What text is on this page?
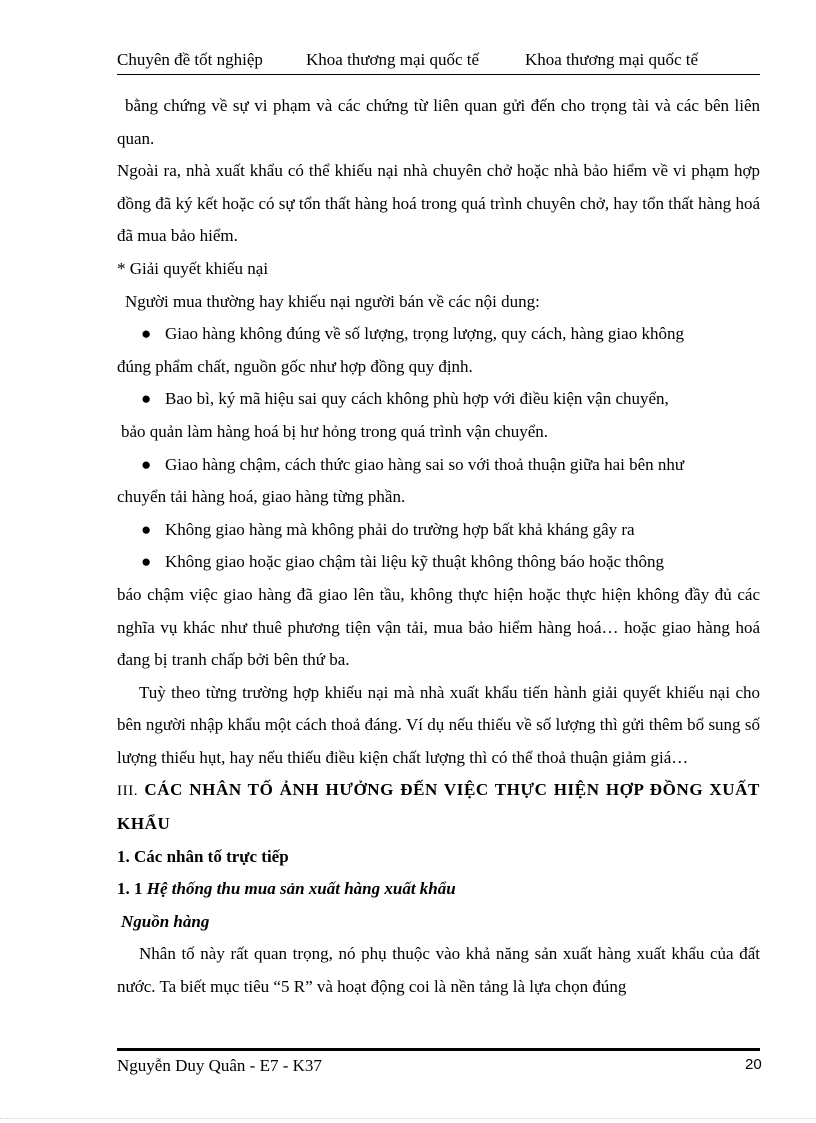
Chuyên đề tốt nghiệp	Khoa thương mại quốc tế	Khoa thương mại quốc tế

bằng chứng về sự vi phạm và các chứng từ liên quan gửi đến cho trọng tài và các bên liên quan.

Ngoài ra, nhà xuất khẩu có thể khiếu nại nhà chuyên chở hoặc nhà bảo hiểm về vi phạm hợp đồng đã ký kết hoặc có sự tổn thất hàng hoá trong quá trình chuyên chở, hay tổn thất hàng hoá đã mua bảo hiểm.

* Giải quyết khiếu nại

Người mua thường hay khiếu nại người bán về các nội dung:

● Giao hàng không đúng về số lượng, trọng lượng, quy cách, hàng giao không
đúng phẩm chất, nguồn gốc như hợp đồng quy định.

● Bao bì, ký mã hiệu sai quy cách không phù hợp với điều kiện vận chuyển,
bảo quản làm hàng hoá bị hư hỏng trong quá trình vận chuyển.

● Giao hàng chậm, cách thức giao hàng sai so với thoả thuận giữa hai bên như
chuyển tải hàng hoá, giao hàng từng phần.

● Không giao hàng mà không phải do trường hợp bất khả kháng gây ra

● Không giao hoặc giao chậm tài liệu kỹ thuật không thông báo hoặc thông
báo chậm việc giao hàng đã giao lên tầu, không thực hiện hoặc thực hiện không đầy đủ các nghĩa vụ khác như thuê phương tiện vận tải, mua bảo hiểm hàng hoá… hoặc giao hàng hoá đang bị tranh chấp bởi bên thứ ba.

Tuỳ theo từng trường hợp khiếu nại mà nhà xuất khẩu tiến hành giải quyết khiếu nại cho bên người nhập khẩu một cách thoả đáng. Ví dụ nếu thiếu về số lượng thì gửi thêm bổ sung số lượng thiếu hụt, hay nếu thiếu điều kiện chất lượng thì có thể thoả thuận giảm giá…

III. CÁC NHÂN TỐ ẢNH HƯỞNG ĐẾN VIỆC THỰC HIỆN HỢP ĐỒNG XUẤT KHẨU

1. Các nhân tố trực tiếp

1. 1 Hệ thống thu mua sản xuất hàng xuất khẩu

Nguồn hàng

Nhân tố này rất quan trọng, nó phụ thuộc vào khả năng sản xuất hàng xuất khẩu của đất nước. Ta biết mục tiêu “5 R” và hoạt động coi là nền tảng là lựa chọn đúng

Nguyễn Duy Quân - E7 - K37	20
